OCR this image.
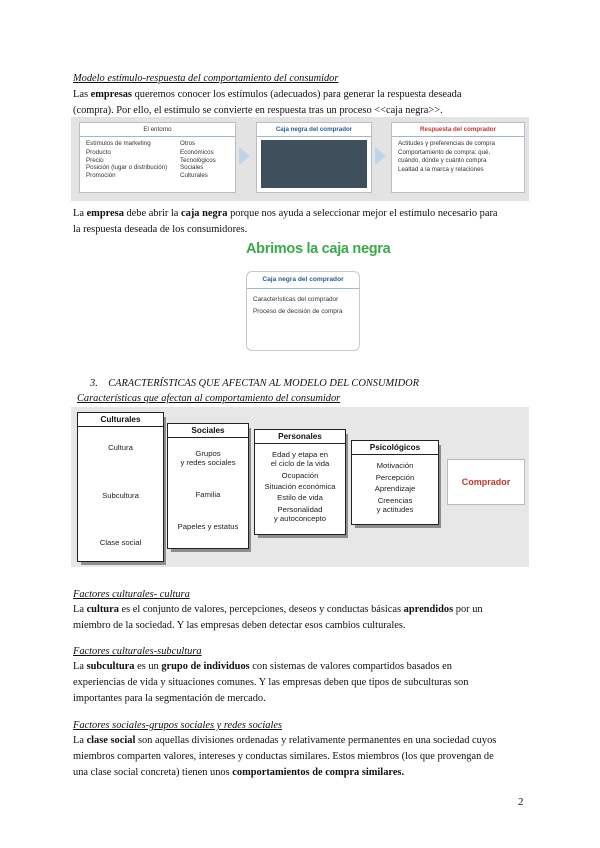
Modelo estímulo-respuesta del comportamiento del consumidor
Las empresas queremos conocer los estímulos (adecuados) para generar la respuesta deseada
(compra). Por ello, el estímulo se convierte en respuesta tras un proceso <<caja negra>>.
El entorno
Estímulos de marketing
Producto
Precio
Posición (lugar o distribución)
Promoción
Otros
Económicos
Tecnológicos
Sociales
Culturales
Caja negra del comprador	Respuesta del comprador
Actitudes y preferencias de compra
Comportamiento de compra: qué,
cuándo, dónde y cuánto compra
Lealtad a la marca y relaciones
La empresa debe abrir la caja negra porque nos ayuda a seleccionar mejor el estímulo necesario para
la respuesta deseada de los consumidores.
Abrimos la caja negra
Caja negra del comprador
Características del comprador
Proceso de decisión de compra
3. CARACTERÍSTICAS QUE AFECTAN AL MODELO DEL CONSUMIDOR
Características que afectan al comportamiento del consumidor
Culturales
Cultura
Subcultura
Clase social
Sociales
Grupos
y redes sociales
Familia
Papeles y estatus
Personales
Edad y etapa en
el ciclo de la vida
Ocupación
Situación económica
Estilo de vida
Personalidad
y autoconcepto
Psicológicos
Motivación
Percepción
Aprendizaje
Creencias
y actitudes
Comprador
Factores culturales- cultura
La cultura es el conjunto de valores, percepciones, deseos y conductas básicas aprendidos por un
miembro de la sociedad. Y las empresas deben detectar esos cambios culturales.
Factores culturales-subcultura
La subcultura es un grupo de individuos con sistemas de valores compartidos basados en
experiencias de vida y situaciones comunes. Y las empresas deben que tipos de subculturas son
importantes para la segmentación de mercado.
Factores sociales-grupos sociales y redes sociales
La clase social son aquellas divisiones ordenadas y relativamente permanentes en una sociedad cuyos
miembros comparten valores, intereses y conductas similares. Estos miembros (los que provengan de
una clase social concreta) tienen unos comportamientos de compra similares.
2
